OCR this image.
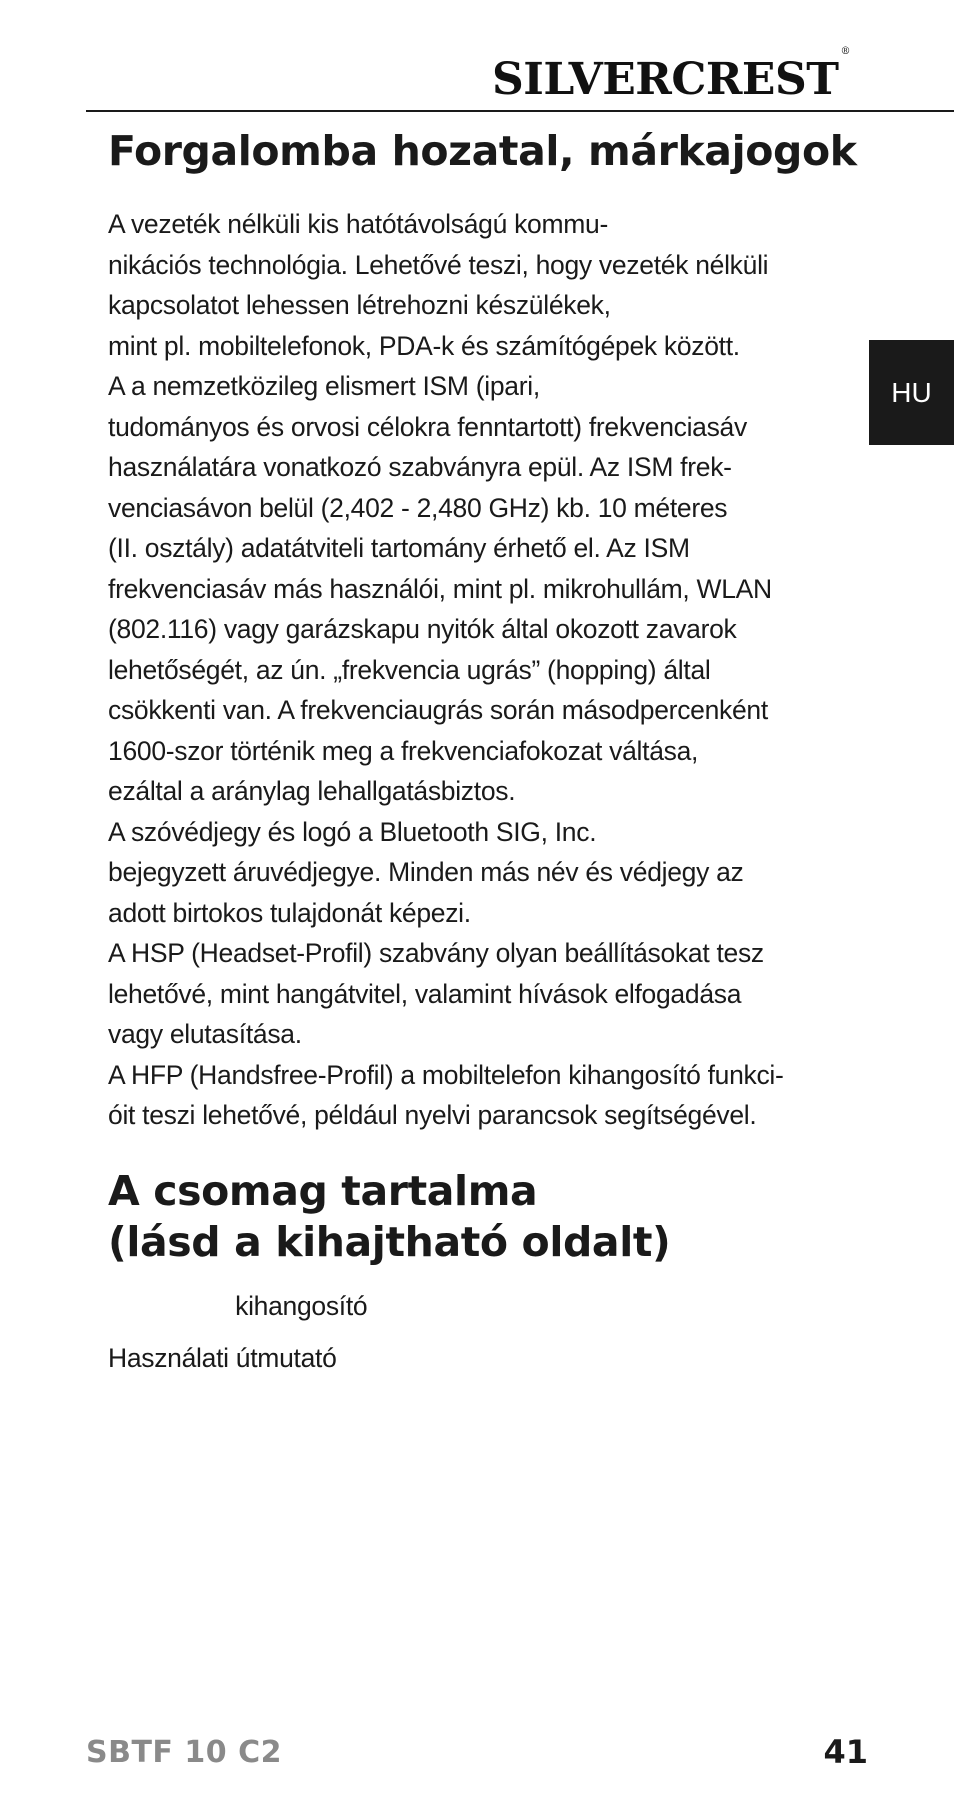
SILVERCREST®
HU
Forgalomba hozatal, márkajogok
A vezeték nélküli kis hatótávolságú kommu-
nikációs technológia. Lehetővé teszi, hogy vezeték nélküli
kapcsolatot lehessen létrehozni készülékek,
mint pl. mobiltelefonok, PDA-k és számítógépek között.
A a nemzetközileg elismert ISM (ipari,
tudományos és orvosi célokra fenntartott) frekvenciasáv
használatára vonatkozó szabványra epül. Az ISM frek-
venciasávon belül (2,402 - 2,480 GHz) kb. 10 méteres
(II. osztály) adatátviteli tartomány érhető el. Az ISM
frekvenciasáv más használói, mint pl. mikrohullám, WLAN
(802.116) vagy garázskapu nyitók által okozott zavarok
lehetőségét, az ún. „frekvencia ugrás” (hopping) által
csökkenti van. A frekvenciaugrás során másodpercenként
1600-szor történik meg a frekvenciafokozat váltása,
ezáltal a aránylag lehallgatásbiztos.
A szóvédjegy és logó a Bluetooth SIG, Inc.
bejegyzett áruvédjegye. Minden más név és védjegy az
adott birtokos tulajdonát képezi.
A HSP (Headset-Profil) szabvány olyan beállításokat tesz
lehetővé, mint hangátvitel, valamint hívások elfogadása
vagy elutasítása.
A HFP (Handsfree-Profil) a mobiltelefon kihangosító funkci-
óit teszi lehetővé, például nyelvi parancsok segítségével.
A csomag tartalma
(lásd a kihajtható oldalt)
kihangosító
Használati útmutató
SBTF 10 C2	41
